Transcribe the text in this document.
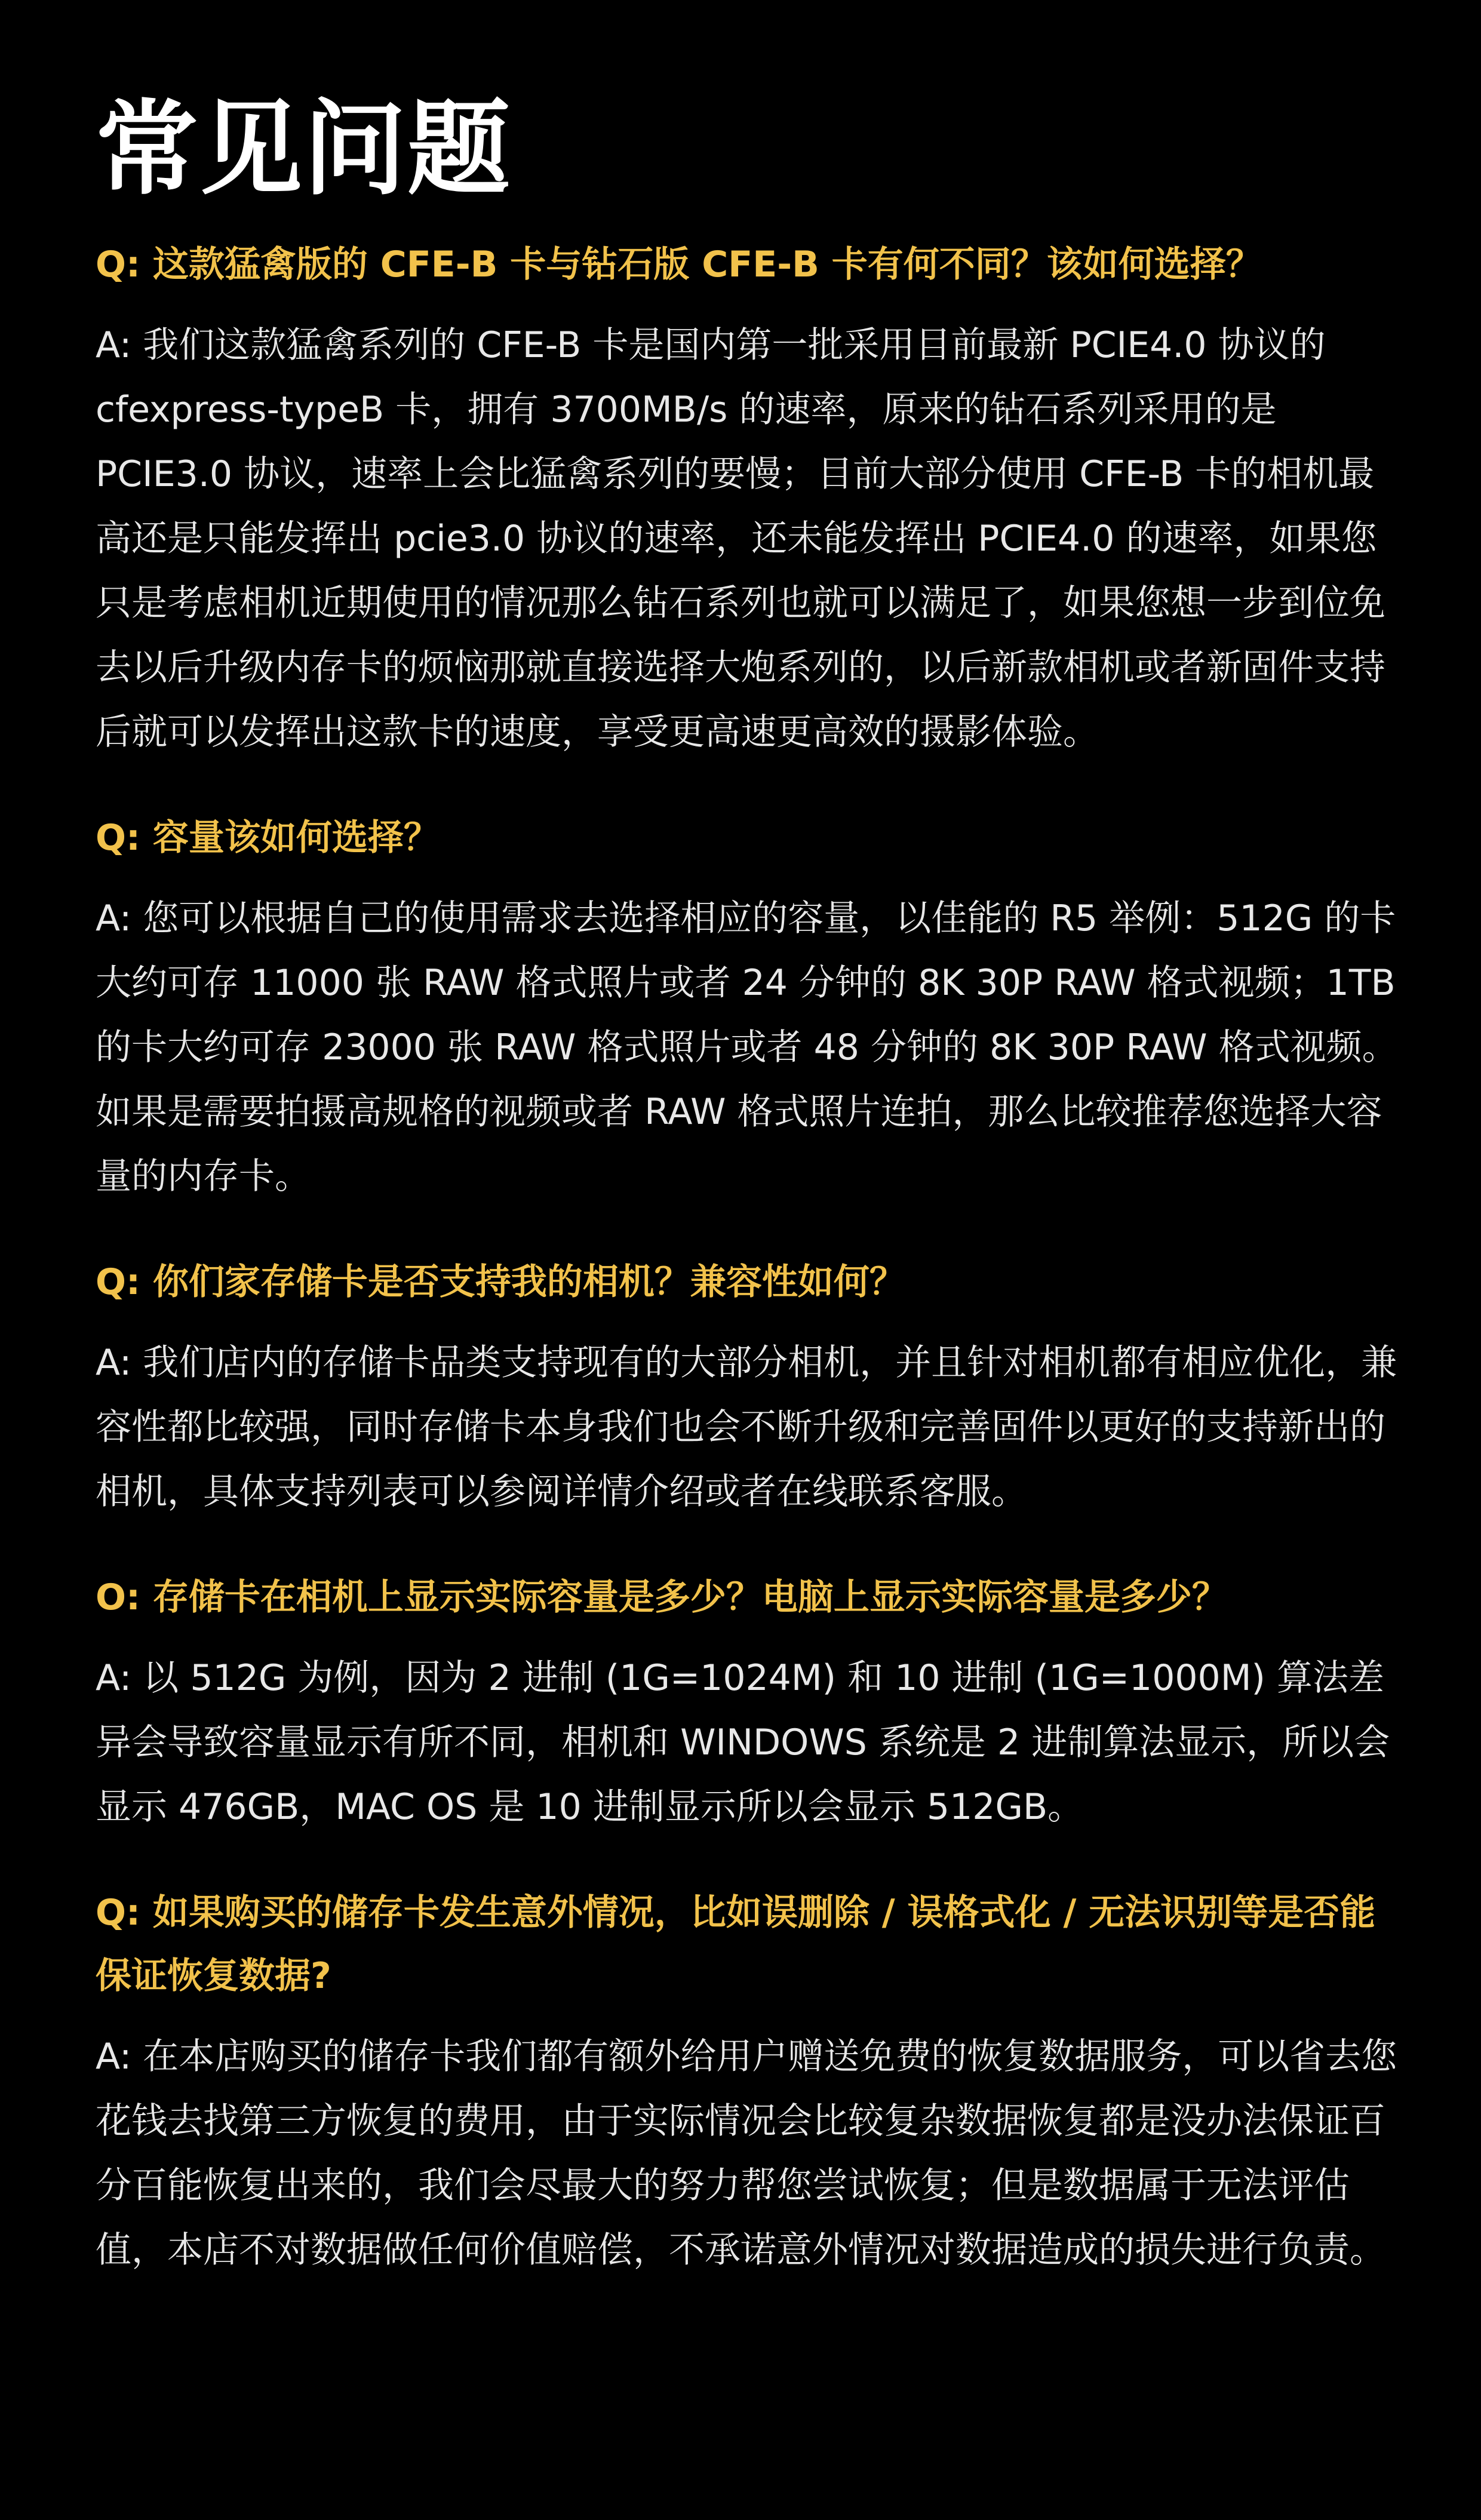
常见问题

Q: 这款猛禽版的 CFE-B 卡与钻石版 CFE-B 卡有何不同？该如何选择？

A: 我们这款猛禽系列的 CFE-B 卡是国内第一批采用目前最新 PCIE4.0 协议的 cfexpress-typeB 卡，拥有 3700MB/s 的速率，原来的钻石系列采用的是 PCIE3.0 协议，速率上会比猛禽系列的要慢；目前大部分使用 CFE-B 卡的相机最高还是只能发挥出 pcie3.0 协议的速率，还未能发挥出 PCIE4.0 的速率，如果您只是考虑相机近期使用的情况那么钻石系列也就可以满足了，如果您想一步到位免去以后升级内存卡的烦恼那就直接选择大炮系列的，以后新款相机或者新固件支持后就可以发挥出这款卡的速度，享受更高速更高效的摄影体验。

Q: 容量该如何选择？

A: 您可以根据自己的使用需求去选择相应的容量，以佳能的 R5 举例：512G 的卡大约可存 11000 张 RAW 格式照片或者 24 分钟的 8K 30P RAW 格式视频；1TB 的卡大约可存 23000 张 RAW 格式照片或者 48 分钟的 8K 30P RAW 格式视频。如果是需要拍摄高规格的视频或者 RAW 格式照片连拍，那么比较推荐您选择大容量的内存卡。

Q: 你们家存储卡是否支持我的相机？兼容性如何？

A: 我们店内的存储卡品类支持现有的大部分相机，并且针对相机都有相应优化，兼容性都比较强，同时存储卡本身我们也会不断升级和完善固件以更好的支持新出的相机，具体支持列表可以参阅详情介绍或者在线联系客服。

O: 存储卡在相机上显示实际容量是多少？电脑上显示实际容量是多少？

A: 以 512G 为例，因为 2 进制 (1G=1024M) 和 10 进制 (1G=1000M) 算法差异会导致容量显示有所不同，相机和 WINDOWS 系统是 2 进制算法显示，所以会显示 476GB，MAC OS 是 10 进制显示所以会显示 512GB。

Q: 如果购买的储存卡发生意外情况，比如误删除 / 误格式化 / 无法识别等是否能保证恢复数据?

A: 在本店购买的储存卡我们都有额外给用户赠送免费的恢复数据服务，可以省去您花钱去找第三方恢复的费用，由于实际情况会比较复杂数据恢复都是没办法保证百分百能恢复出来的，我们会尽最大的努力帮您尝试恢复；但是数据属于无法评估值，本店不对数据做任何价值赔偿，不承诺意外情况对数据造成的损失进行负责。
